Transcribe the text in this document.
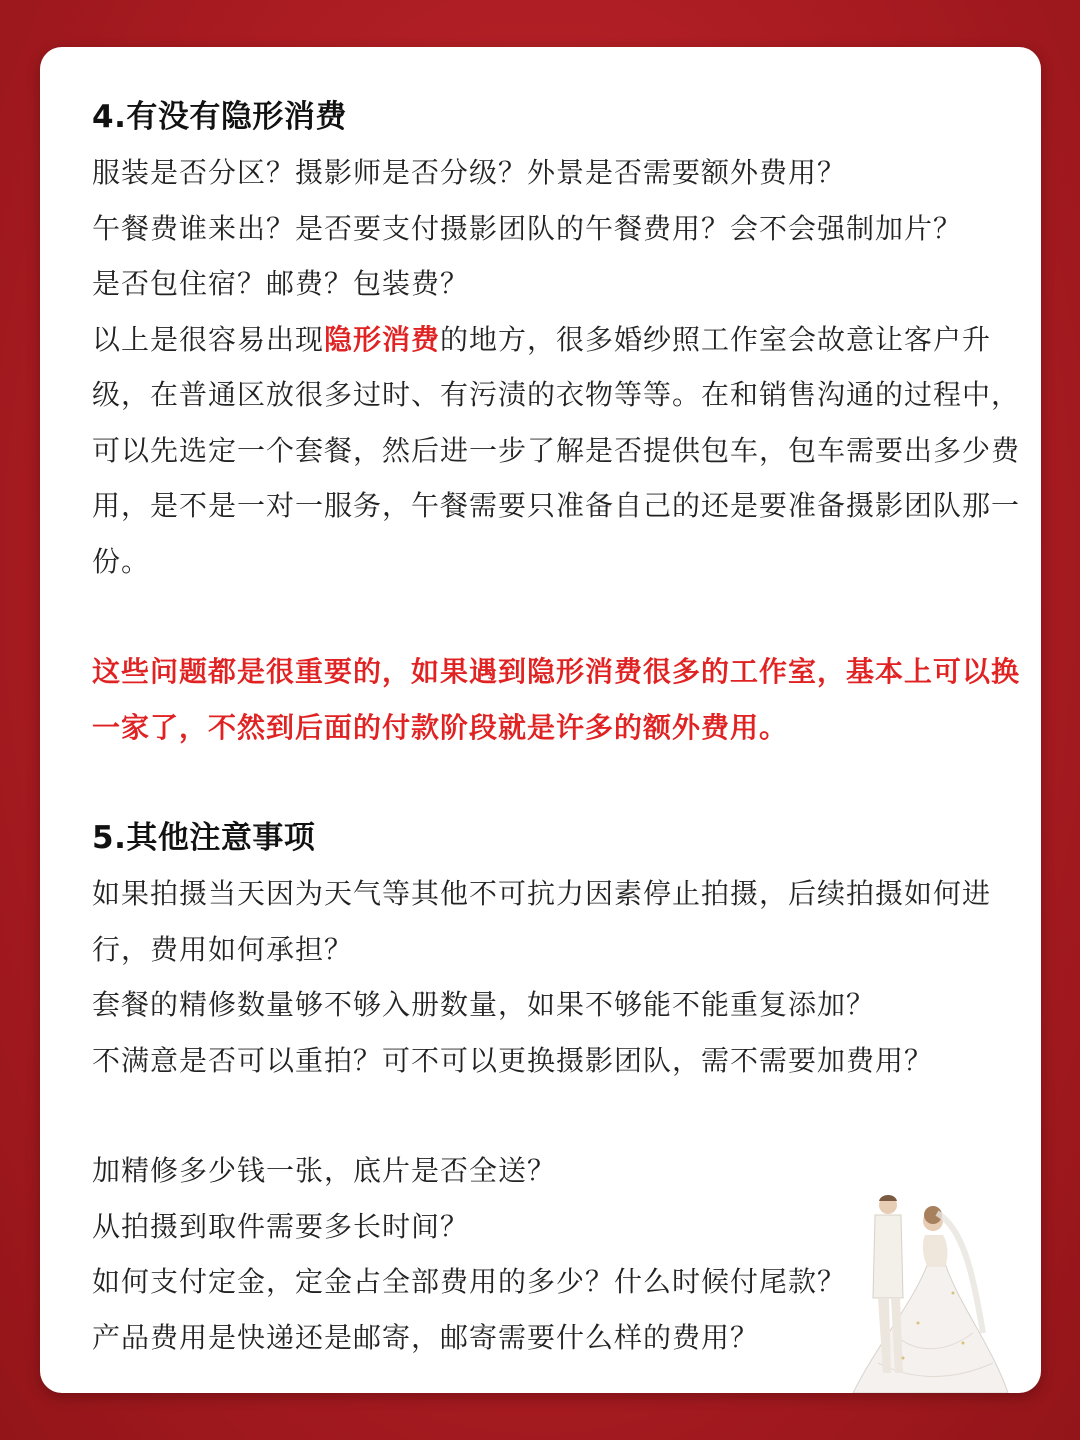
4.有没有隐形消费
服装是否分区？摄影师是否分级？外景是否需要额外费用？
午餐费谁来出？是否要支付摄影团队的午餐费用？会不会强制加片？
是否包住宿？邮费？包装费？
以上是很容易出现隐形消费的地方，很多婚纱照工作室会故意让客户升级，在普通区放很多过时、有污渍的衣物等等。在和销售沟通的过程中，可以先选定一个套餐，然后进一步了解是否提供包车，包车需要出多少费用，是不是一对一服务，午餐需要只准备自己的还是要准备摄影团队那一份。
这些问题都是很重要的，如果遇到隐形消费很多的工作室，基本上可以换一家了，不然到后面的付款阶段就是许多的额外费用。
5.其他注意事项
如果拍摄当天因为天气等其他不可抗力因素停止拍摄，后续拍摄如何进行，费用如何承担？
套餐的精修数量够不够入册数量，如果不够能不能重复添加？
不满意是否可以重拍？可不可以更换摄影团队，需不需要加费用？
加精修多少钱一张，底片是否全送？
从拍摄到取件需要多长时间？
如何支付定金，定金占全部费用的多少？什么时候付尾款？
产品费用是快递还是邮寄，邮寄需要什么样的费用？
